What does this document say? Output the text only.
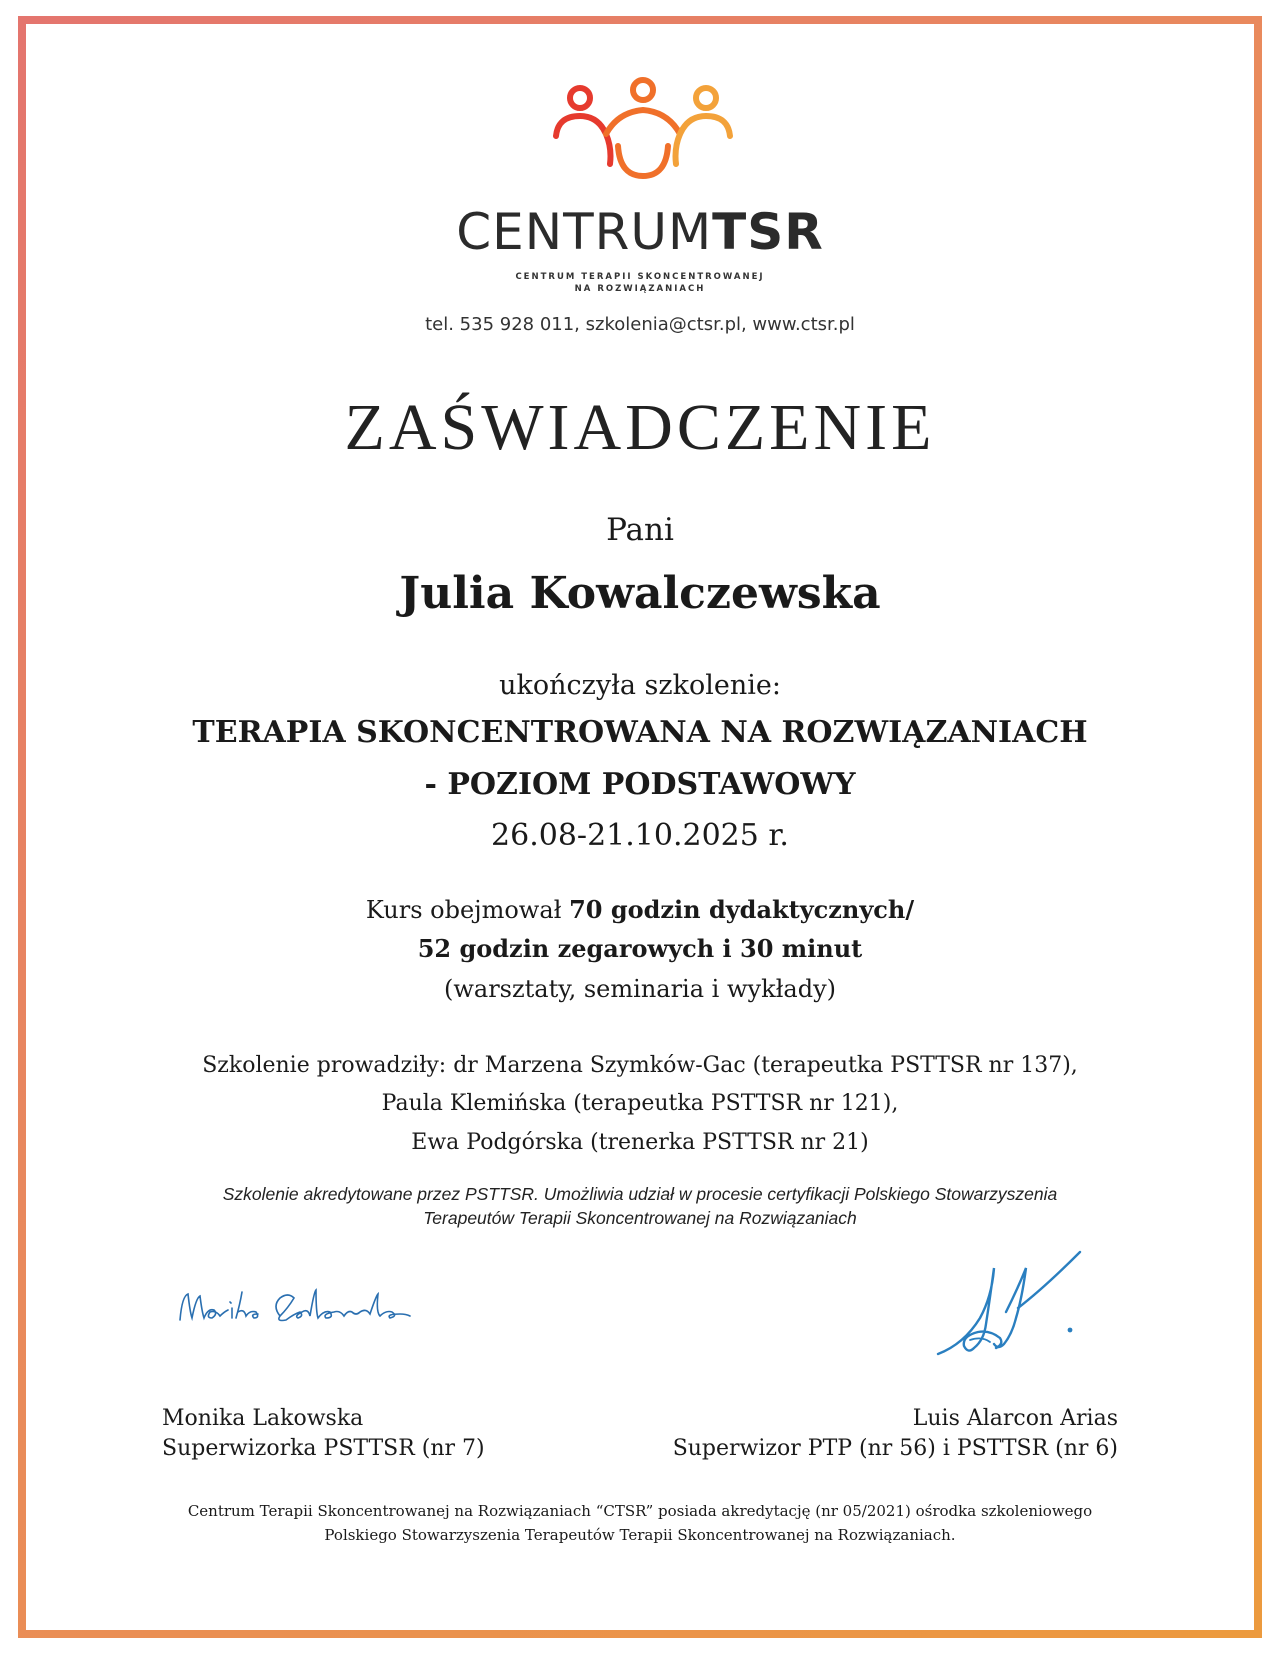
CENTRUMTSR
CENTRUM TERAPII SKONCENTROWANEJ
NA ROZWIĄZANIACH
tel. 535 928 011, szkolenia@ctsr.pl, www.ctsr.pl
ZAŚWIADCZENIE
Pani
Julia Kowalczewska
ukończyła szkolenie:
TERAPIA SKONCENTROWANA NA ROZWIĄZANIACH
- POZIOM PODSTAWOWY
26.08-21.10.2025 r.
Kurs obejmował 70 godzin dydaktycznych/
52 godzin zegarowych i 30 minut
(warsztaty, seminaria i wykłady)
Szkolenie prowadziły: dr Marzena Szymków-Gac (terapeutka PSTTSR nr 137),
Paula Klemińska (terapeutka PSTTSR nr 121),
Ewa Podgórska (trenerka PSTTSR nr 21)
Szkolenie akredytowane przez PSTTSR. Umożliwia udział w procesie certyfikacji Polskiego Stowarzyszenia
Terapeutów Terapii Skoncentrowanej na Rozwiązaniach
Monika Lakowska
Superwizorka PSTTSR (nr 7)
Luis Alarcon Arias
Superwizor PTP (nr 56) i PSTTSR (nr 6)
Centrum Terapii Skoncentrowanej na Rozwiązaniach “CTSR” posiada akredytację (nr 05/2021) ośrodka szkoleniowego
Polskiego Stowarzyszenia Terapeutów Terapii Skoncentrowanej na Rozwiązaniach.
